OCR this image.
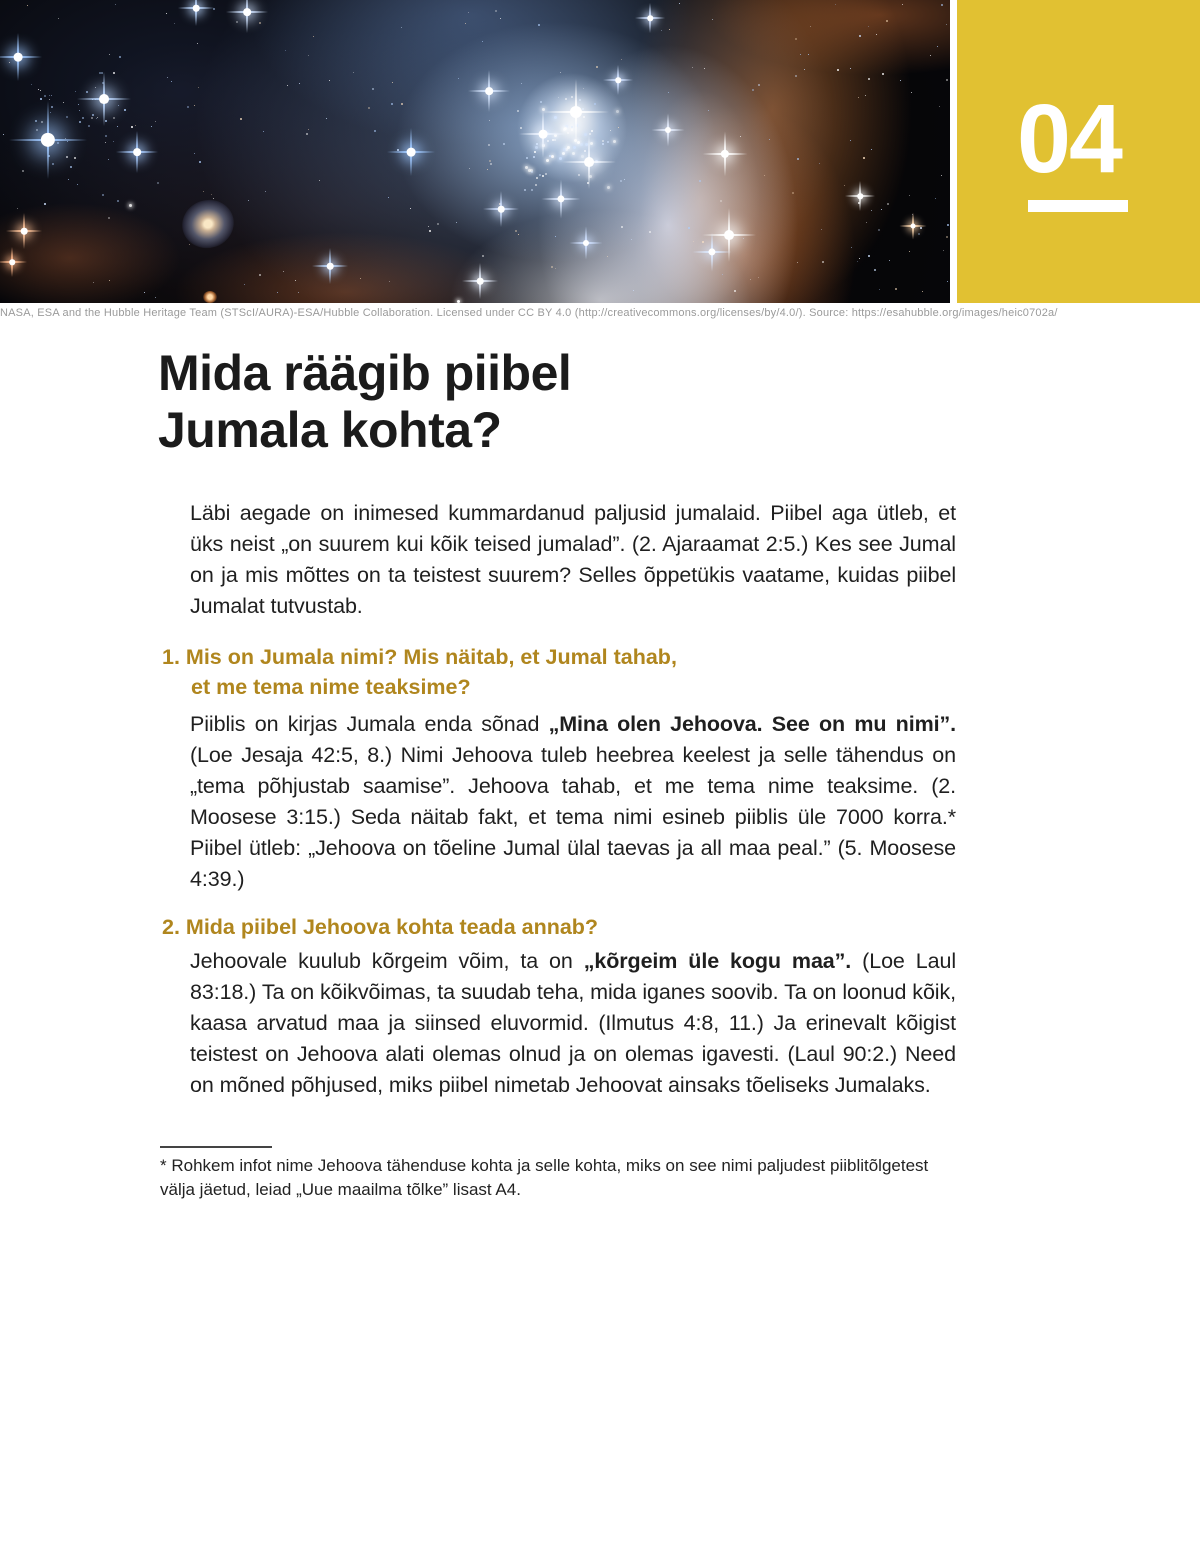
04
NASA, ESA and the Hubble Heritage Team (STScI/AURA)-ESA/Hubble Collaboration. Licensed under CC BY 4.0 (http://creativecommons.org/licenses/by/4.0/). Source: https://esahubble.org/images/heic0702a/
Mida räägib piibel
Jumala kohta?

Läbi aegade on inimesed kummardanud paljusid jumalaid. Piibel aga ütleb, et üks neist „on suurem kui kõik teised jumalad”. (2. Ajaraamat 2:5.) Kes see Jumal on ja mis mõttes on ta teistest suurem? Selles õppetükis vaatame, kuidas piibel Jumalat tutvustab.

1. Mis on Jumala nimi? Mis näitab, et Jumal tahab,
et me tema nime teaksime?

Piiblis on kirjas Jumala enda sõnad „Mina olen Jehoova. See on mu nimi”. (Loe Jesaja 42:5, 8.) Nimi Jehoova tuleb heebrea keelest ja selle tähendus on „tema põhjustab saamise”. Jehoova tahab, et me tema nime teaksime. (2. Moosese 3:15.) Seda näitab fakt, et tema nimi esineb piiblis üle 7000 korra.* Piibel ütleb: „Jehoova on tõeline Jumal ülal taevas ja all maa peal.” (5. Moosese 4:39.)

2. Mida piibel Jehoova kohta teada annab?

Jehoovale kuulub kõrgeim võim, ta on „kõrgeim üle kogu maa”. (Loe Laul 83:18.) Ta on kõikvõimas, ta suudab teha, mida iganes soovib. Ta on loonud kõik, kaasa arvatud maa ja siinsed eluvormid. (Ilmutus 4:8, 11.) Ja erinevalt kõigist teistest on Jehoova alati olemas olnud ja on olemas igavesti. (Laul 90:2.) Need on mõned põhjused, miks piibel nimetab Jehoovat ainsaks tõeliseks Jumalaks.

* Rohkem infot nime Jehoova tähenduse kohta ja selle kohta, miks on see nimi paljudest piiblitõlgetest välja jäetud, leiad „Uue maailma tõlke” lisast A4.
